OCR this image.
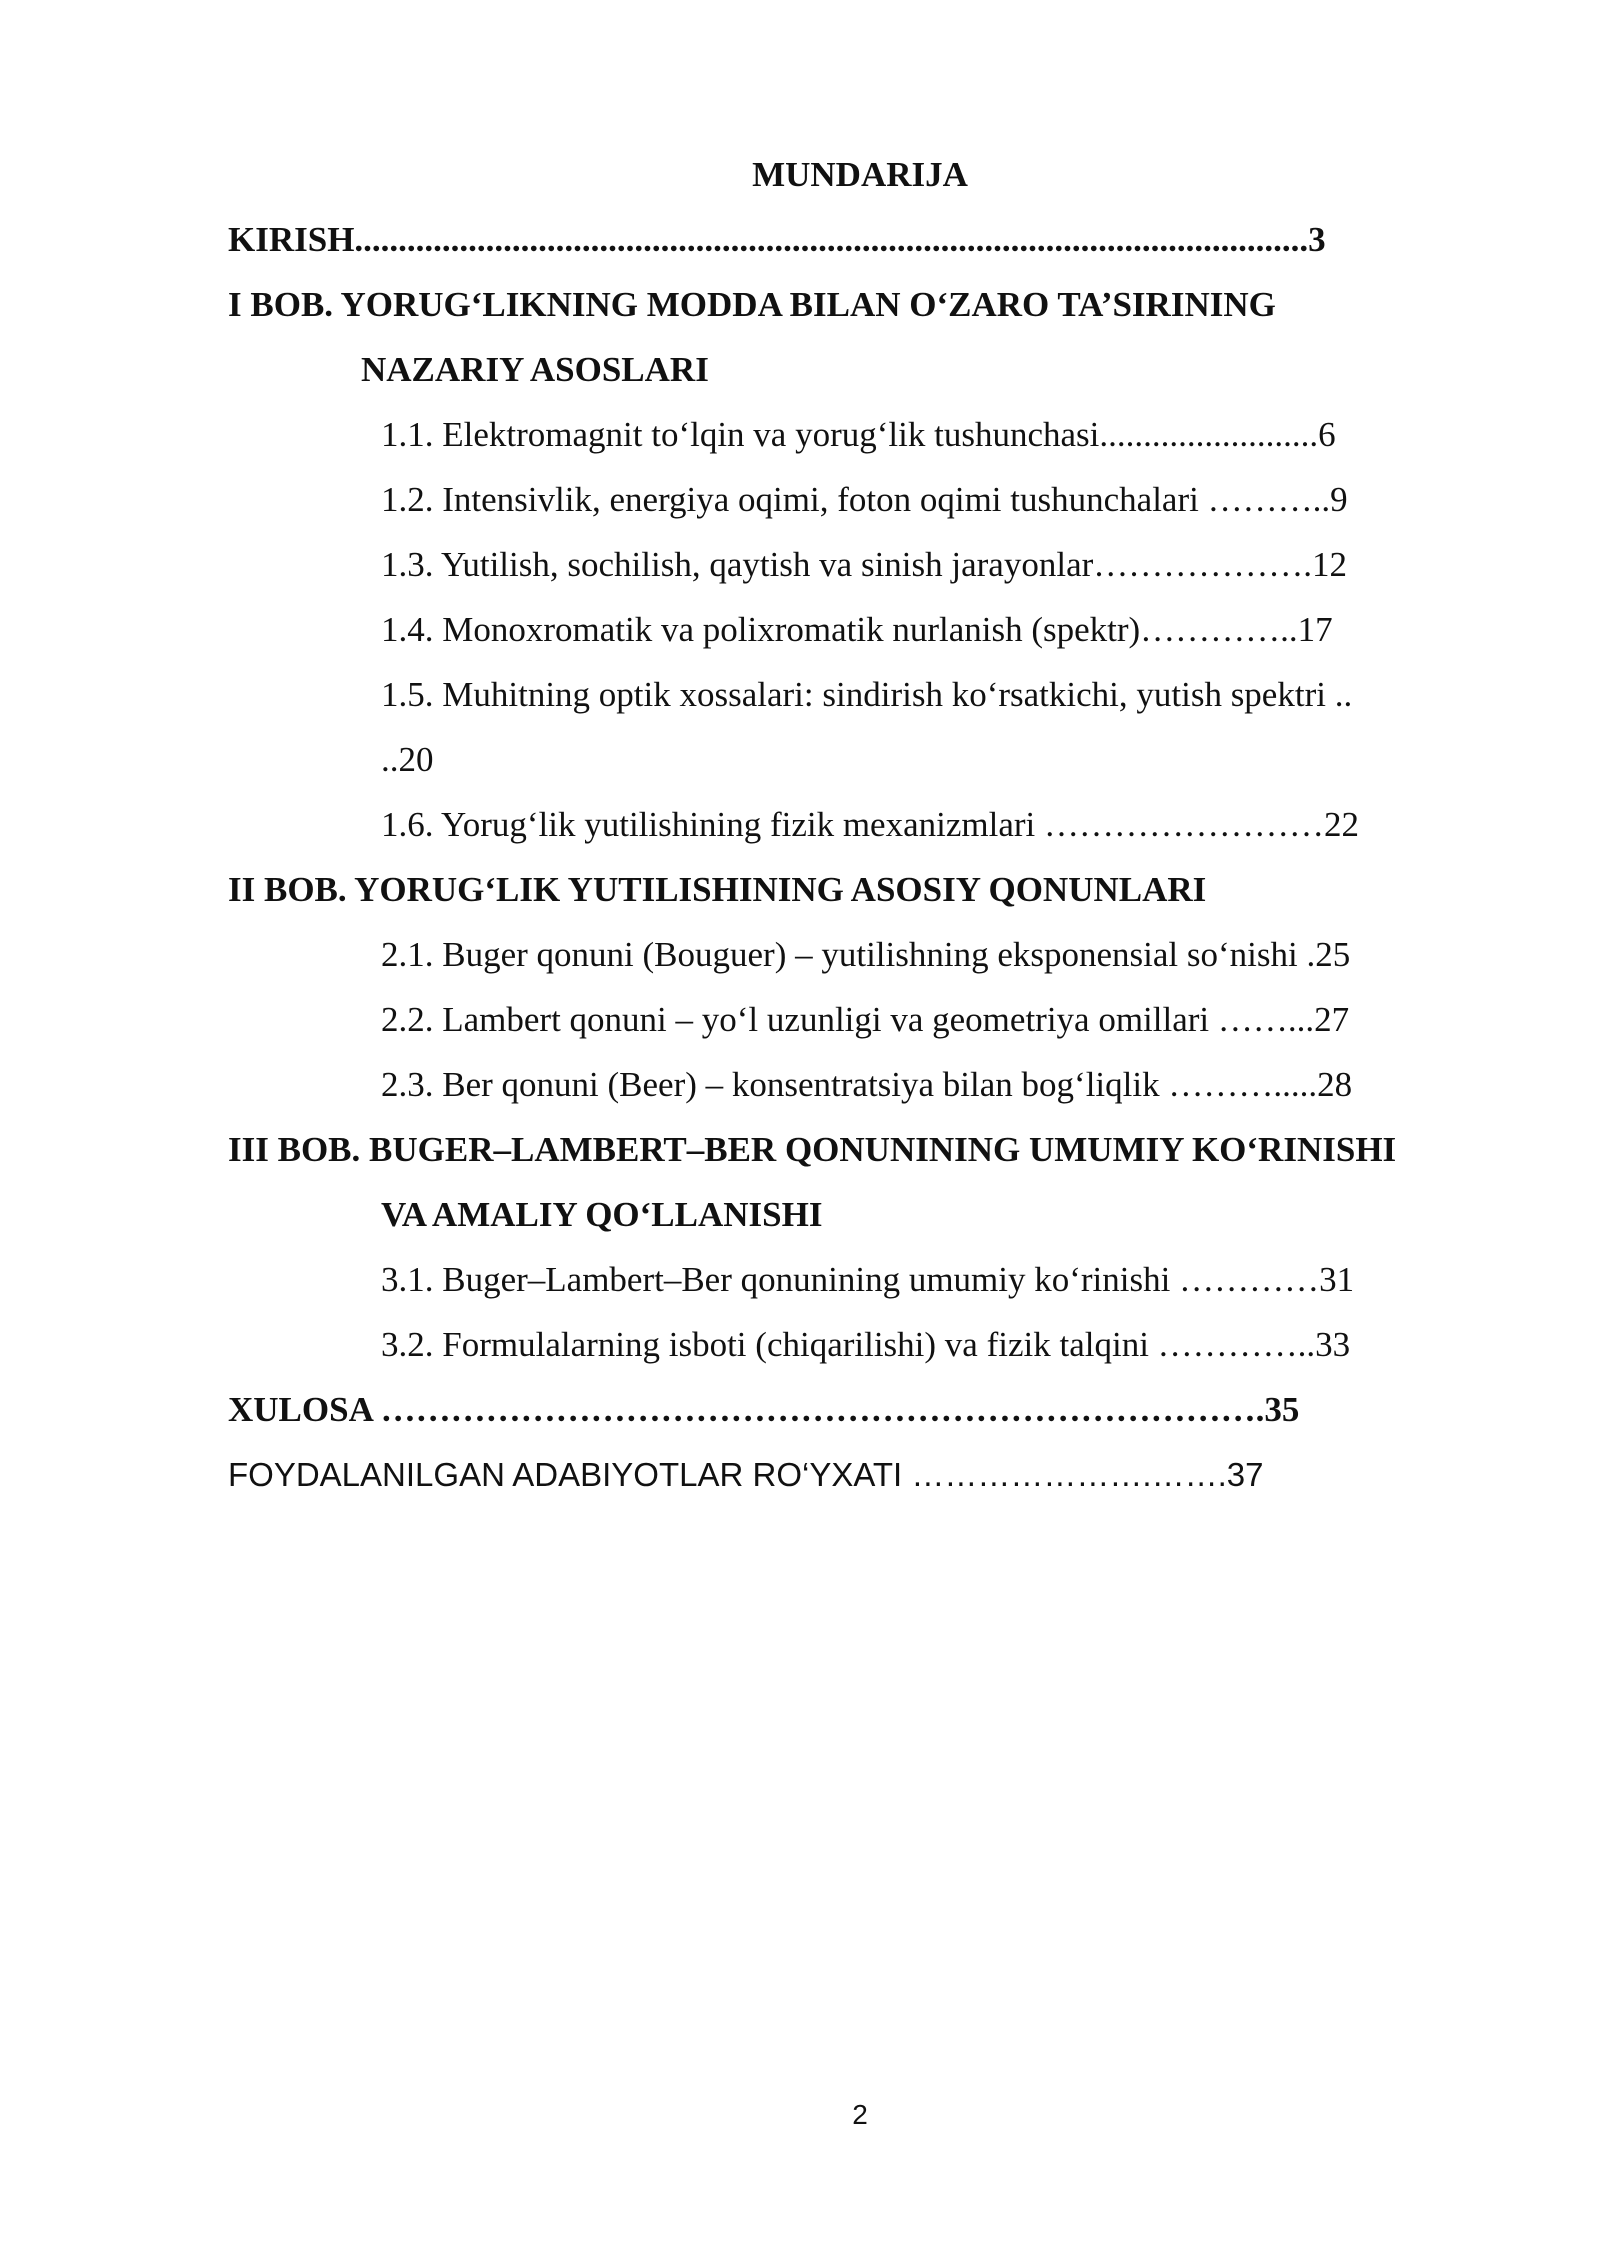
MUNDARIJA
KIRISH.............................................................................................................3
I BOB. YORUG‘LIKNING MODDA BILAN O‘ZARO TA’SIRINING
NAZARIY ASOSLARI
1.1. Elektromagnit to‘lqin va yorug‘lik tushunchasi.........................6
1.2. Intensivlik, energiya oqimi, foton oqimi tushunchalari ………..9
1.3. Yutilish, sochilish, qaytish va sinish jarayonlar……………….12
1.4. Monoxromatik va polixromatik nurlanish (spektr)…………..17
1.5. Muhitning optik xossalari: sindirish ko‘rsatkichi, yutish spektri ..
..20
1.6. Yorug‘lik yutilishining fizik mexanizmlari ……………………22
II BOB. YORUG‘LIK YUTILISHINING ASOSIY QONUNLARI
2.1. Buger qonuni (Bouguer) – yutilishning eksponensial so‘nishi .25
2.2. Lambert qonuni – yo‘l uzunligi va geometriya omillari ……...27
2.3. Ber qonuni (Beer) – konsentratsiya bilan bog‘liqlik ……….....28
III BOB. BUGER–LAMBERT–BER QONUNINING UMUMIY KO‘RINISHI
VA AMALIY QO‘LLANISHI
3.1. Buger–Lambert–Ber qonunining umumiy ko‘rinishi …………31
3.2. Formulalarning isboti (chiqarilishi) va fizik talqini …………..33
XULOSA ………………………………………………………………….35
FOYDALANILGAN ADABIYOTLAR RO‘YXATI ………………….…….37
2
